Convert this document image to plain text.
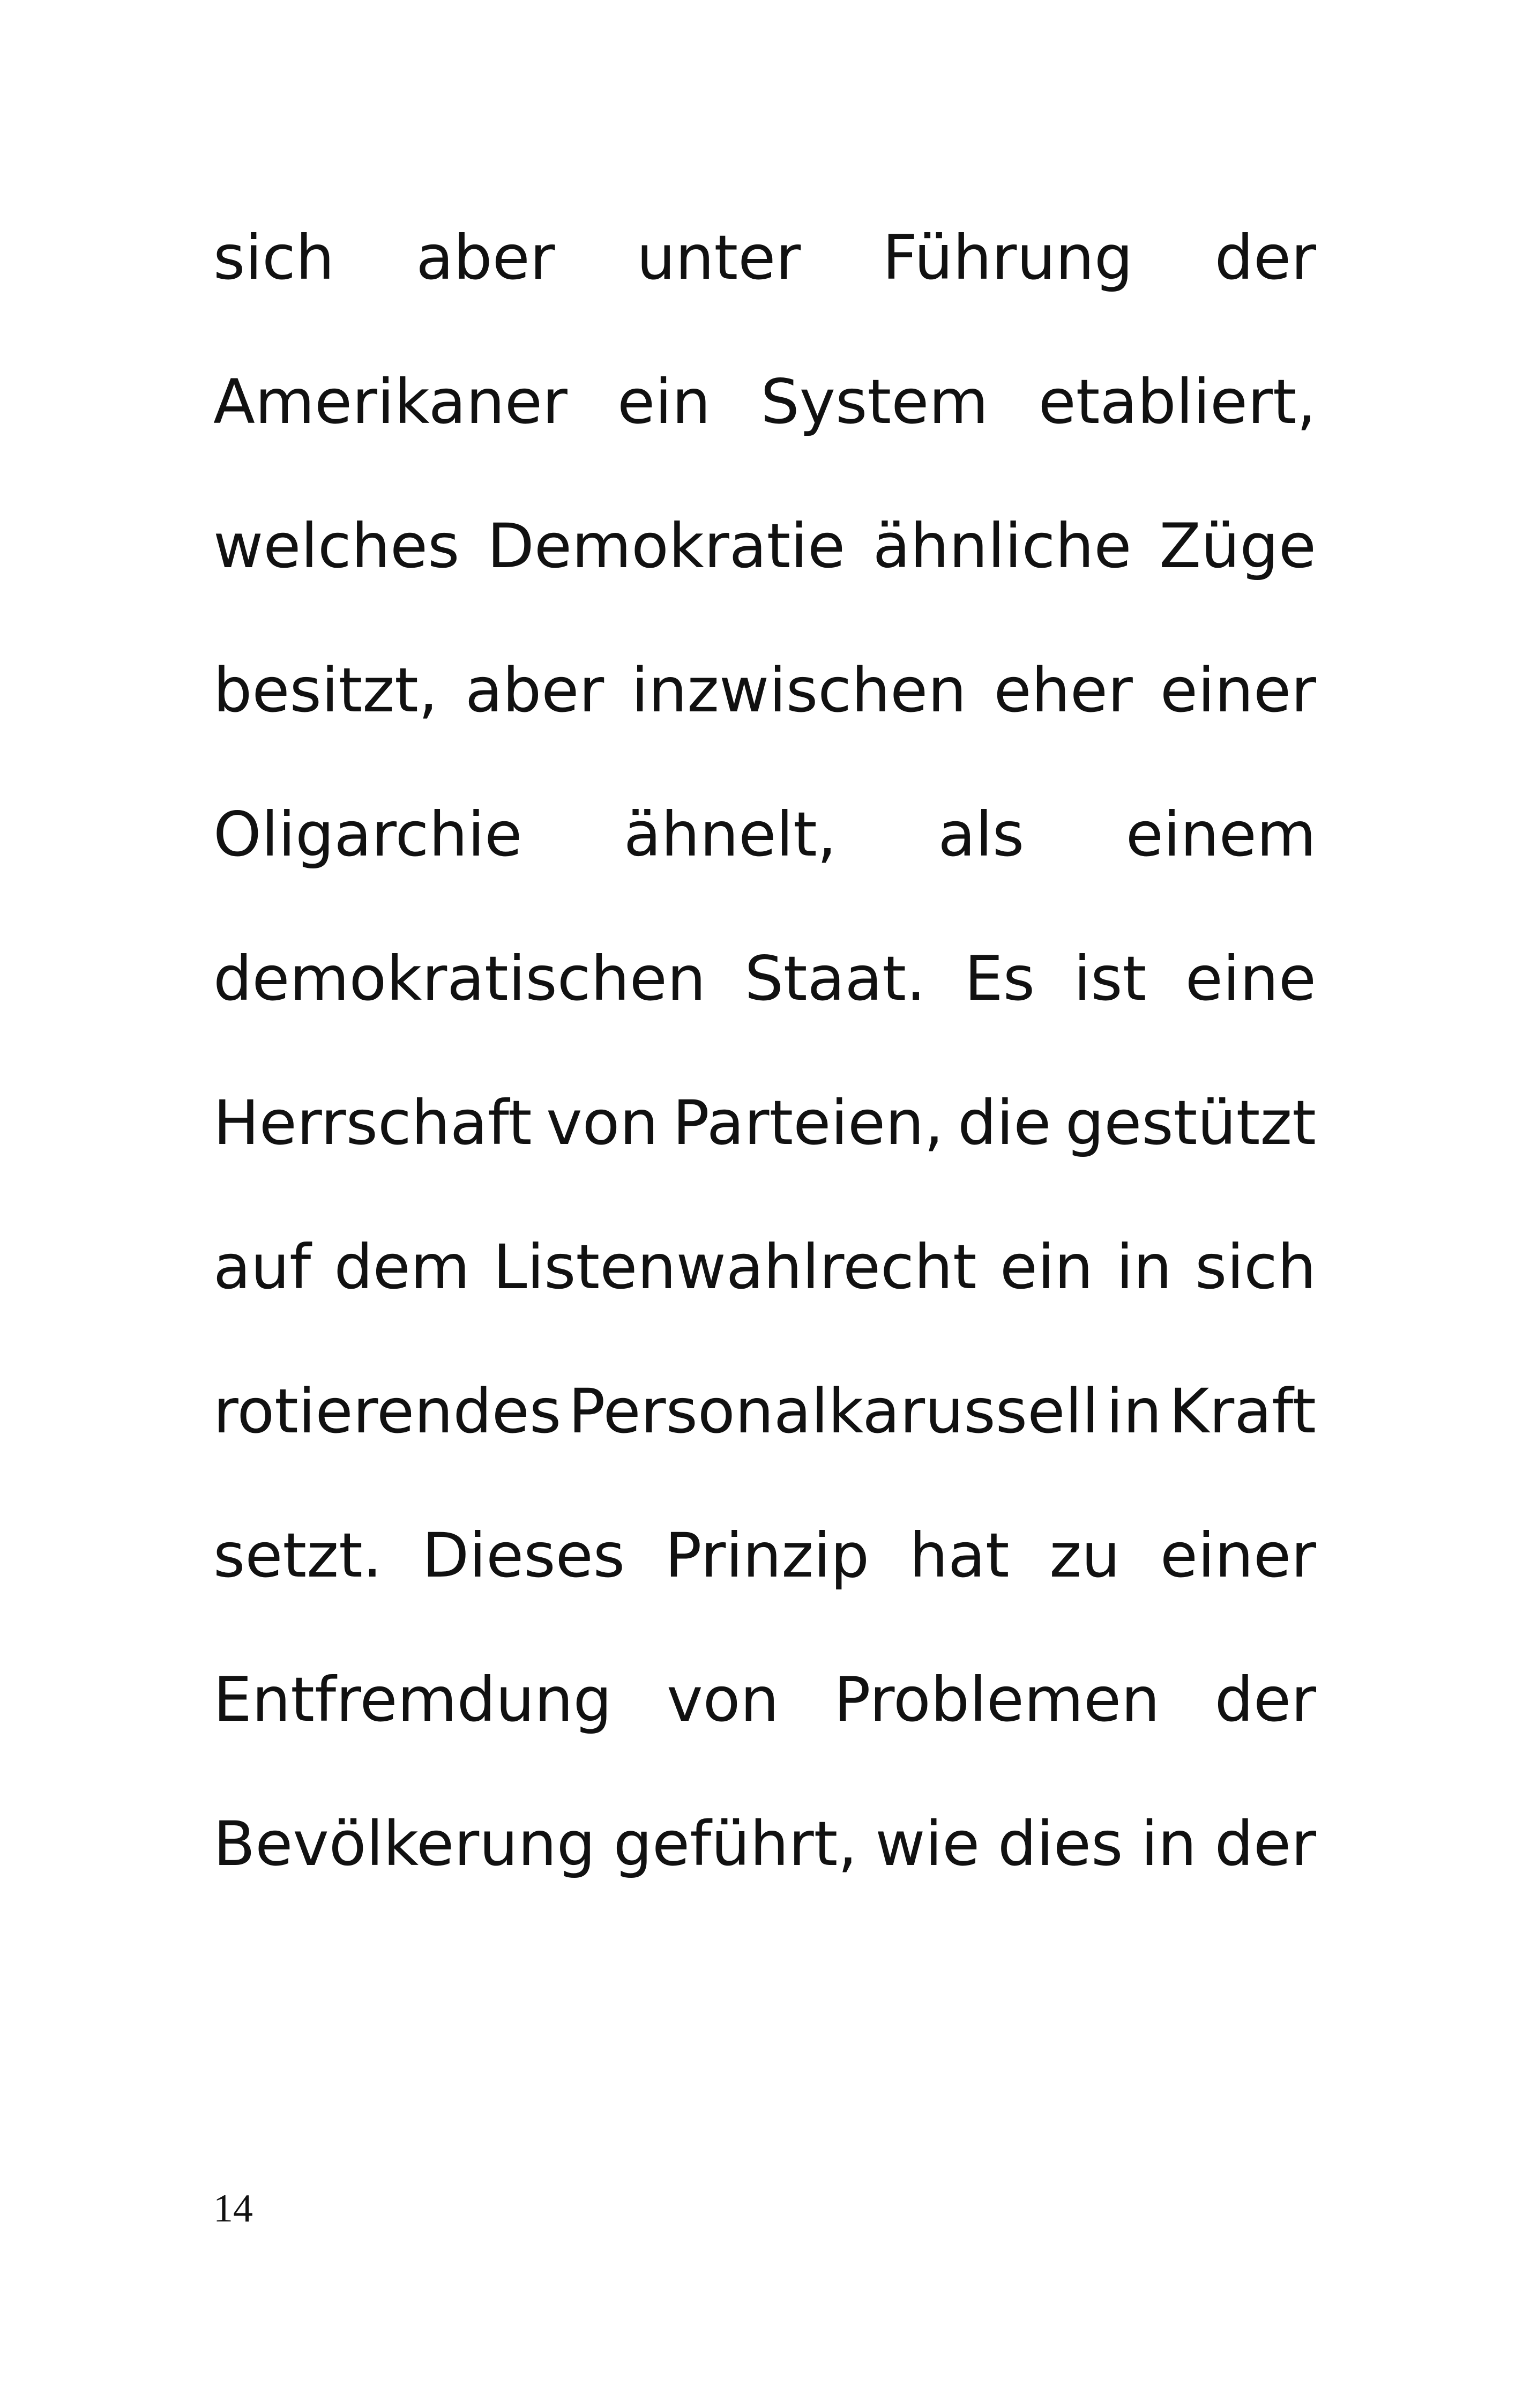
sich aber unter Führung der
Amerikaner ein System etabliert,
welches Demokratie ähnliche Züge
besitzt, aber inzwischen eher einer
Oligarchie ähnelt, als einem
demokratischen Staat. Es ist eine
Herrschaft von Parteien, die gestützt
auf dem Listenwahlrecht ein in sich
rotierendes Personalkarussell in Kraft
setzt. Dieses Prinzip hat zu einer
Entfremdung von Problemen der
Bevölkerung geführt, wie dies in der
14
